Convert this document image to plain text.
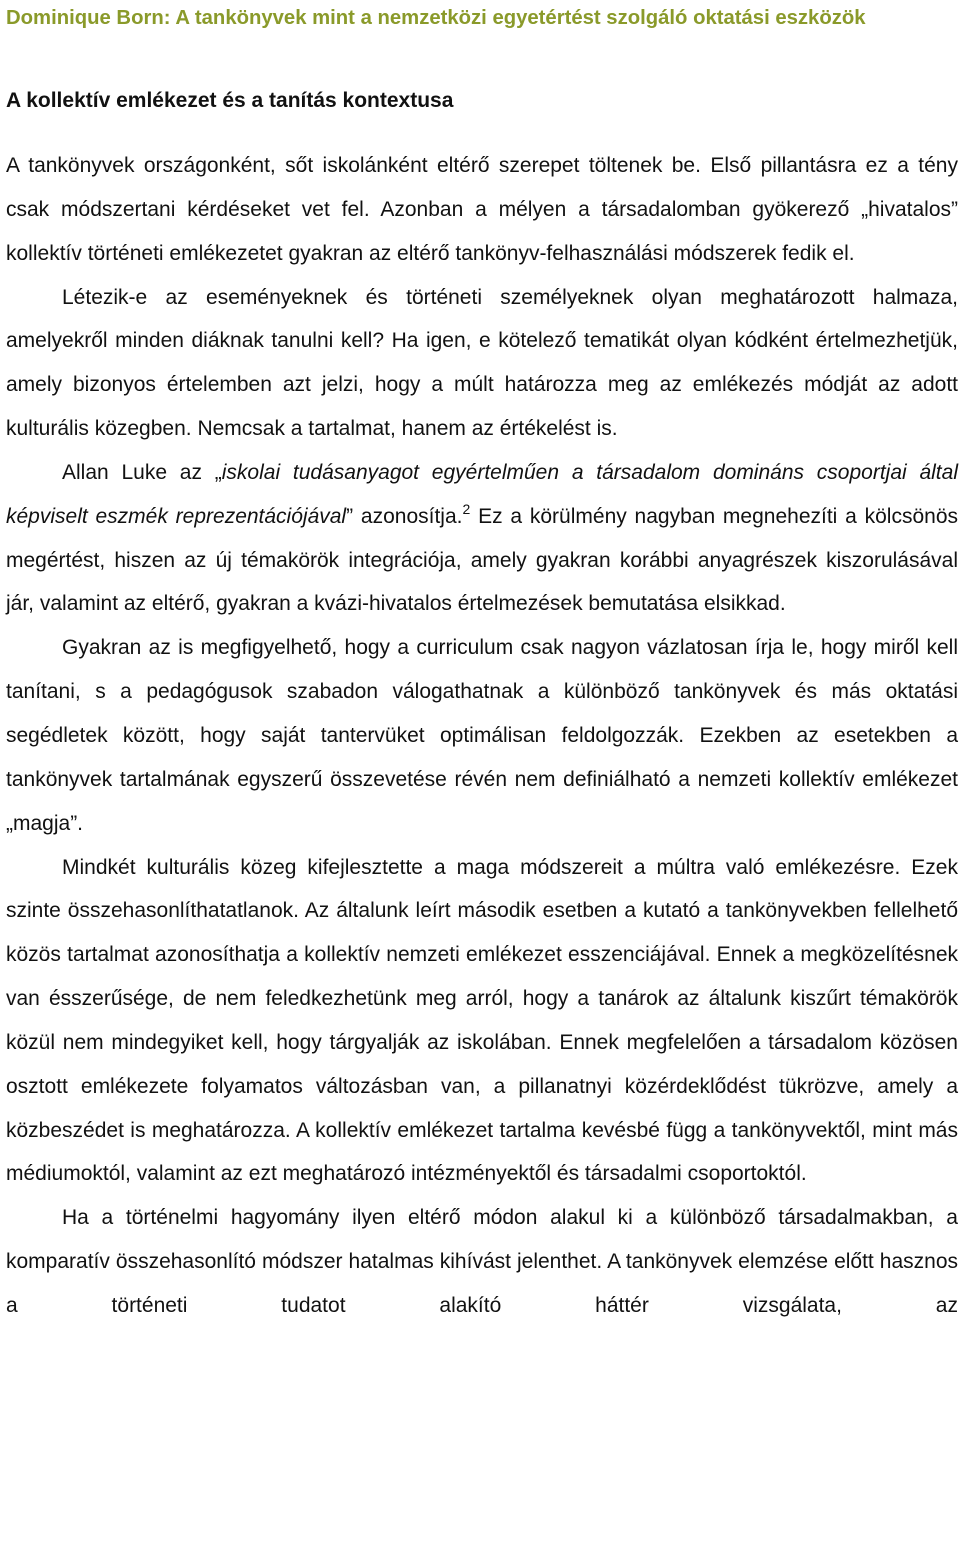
Dominique Born: A tankönyvek mint a nemzetközi egyetértést szolgáló oktatási eszközök
A kollektív emlékezet és a tanítás kontextusa

A tankönyvek országonként, sőt iskolánként eltérő szerepet töltenek be. Első pillantásra ez a tény csak módszertani kérdéseket vet fel. Azonban a mélyen a társadalomban gyökerező „hivatalos” kollektív történeti emlékezetet gyakran az eltérő tankönyv-felhasználási módszerek fedik el.

Létezik-e az eseményeknek és történeti személyeknek olyan meghatározott halmaza, amelyekről minden diáknak tanulni kell? Ha igen, e kötelező tematikát olyan kódként értelmezhetjük, amely bizonyos értelemben azt jelzi, hogy a múlt határozza meg az emlékezés módját az adott kulturális közegben. Nemcsak a tartalmat, hanem az értékelést is.

Allan Luke az „iskolai tudásanyagot egyértelműen a társadalom domináns csoportjai által képviselt eszmék reprezentációjával” azonosítja.$^2$ Ez a körülmény nagyban megnehezíti a kölcsönös megértést, hiszen az új témakörök integrációja, amely gyakran korábbi anyagrészek kiszorulásával jár, valamint az eltérő, gyakran a kvázi-hivatalos értelmezések bemutatása elsikkad.

Gyakran az is megfigyelhető, hogy a curriculum csak nagyon vázlatosan írja le, hogy miről kell tanítani, s a pedagógusok szabadon válogathatnak a különböző tankönyvek és más oktatási segédletek között, hogy saját tantervüket optimálisan feldolgozzák. Ezekben az esetekben a tankönyvek tartalmának egyszerű összevetése révén nem definiálható a nemzeti kollektív emlékezet „magja”.

Mindkét kulturális közeg kifejlesztette a maga módszereit a múltra való emlékezésre. Ezek szinte összehasonlíthatatlanok. Az általunk leírt második esetben a kutató a tankönyvekben fellelhető közös tartalmat azonosíthatja a kollektív nemzeti emlékezet esszenciájával. Ennek a megközelítésnek van ésszerűsége, de nem feledkezhetünk meg arról, hogy a tanárok az általunk kiszűrt témakörök közül nem mindegyiket kell, hogy tárgyalják az iskolában. Ennek megfelelően a társadalom közösen osztott emlékezete folyamatos változásban van, a pillanatnyi közérdeklődést tükrözve, amely a közbeszédet is meghatározza. A kollektív emlékezet tartalma kevésbé függ a tankönyvektől, mint más médiumoktól, valamint az ezt meghatározó intézményektől és társadalmi csoportoktól.

Ha a történelmi hagyomány ilyen eltérő módon alakul ki a különböző társadalmakban, a komparatív összehasonlító módszer hatalmas kihívást jelenthet. A tankönyvek elemzése előtt hasznos a történeti tudatot alakító háttér vizsgálata, az
